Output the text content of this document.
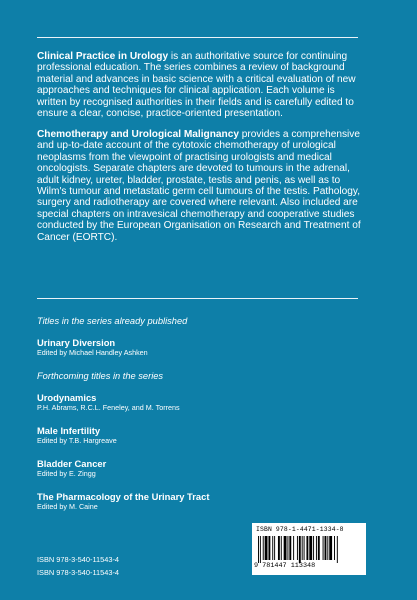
Clinical Practice in Urology is an authoritative source for continuing professional education. The series combines a review of background material and advances in basic science with a critical evaluation of new approaches and techniques for clinical application. Each volume is written by recognised authorities in their fields and is carefully edited to ensure a clear, concise, practice-oriented presentation.

Chemotherapy and Urological Malignancy provides a comprehensive and up-to-date account of the cytotoxic chemotherapy of urological neoplasms from the viewpoint of practising urologists and medical oncologists. Separate chapters are devoted to tumours in the adrenal, adult kidney, ureter, bladder, prostate, testis and penis, as well as to Wilm's tumour and metastatic germ cell tumours of the testis. Pathology, surgery and radiotherapy are covered where relevant. Also included are special chapters on intravesical chemotherapy and cooperative studies conducted by the European Organisation on Research and Treatment of Cancer (EORTC).

Titles in the series already published
Urinary Diversion
Edited by Michael Handley Ashken
Forthcoming titles in the series
Urodynamics
P.H. Abrams, R.C.L. Feneley, and M. Torrens
Male Infertility
Edited by T.B. Hargreave
Bladder Cancer
Edited by E. Zingg
The Pharmacology of the Urinary Tract
Edited by M. Caine
ISBN 978-3-540-11543-4
ISBN 978-3-540-11543-4
ISBN 978-1-4471-1334-8
9 781447 113348
